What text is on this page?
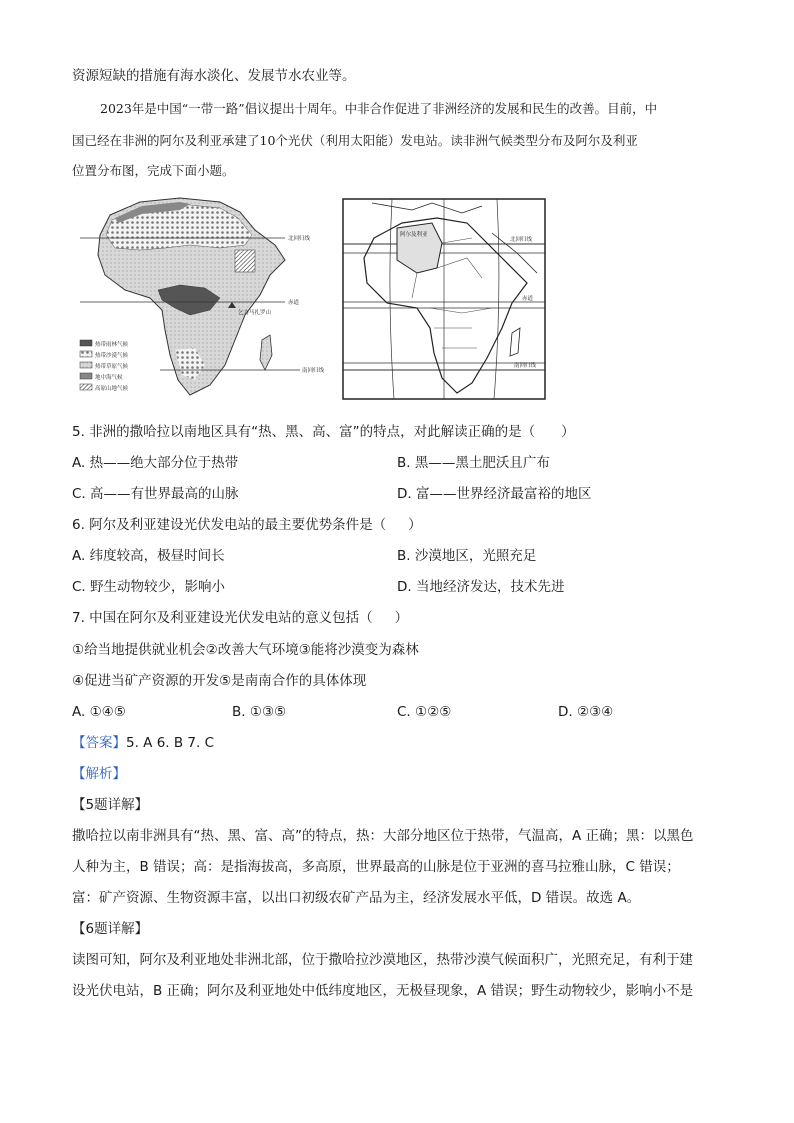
资源短缺的措施有海水淡化、发展节水农业等。
2023年是中国“一带一路”倡议提出十周年。中非合作促进了非洲经济的发展和民生的改善。目前，中
国已经在非洲的阿尔及利亚承建了10个光伏（利用太阳能）发电站。读非洲气候类型分布及阿尔及利亚
位置分布图，完成下面小题。
北回归线
赤道
乞力马扎罗山
南回归线
热带雨林气候
热带沙漠气候
热带草原气候
地中海气候
高原山地气候
阿尔及利亚
北回归线
赤道
南回归线
5. 非洲的撒哈拉以南地区具有“热、黑、高、富”的特点，对此解读正确的是（ ）
A. 热——绝大部分位于热带	B. 黑——黑土肥沃且广布
C. 高——有世界最高的山脉	D. 富——世界经济最富裕的地区
6. 阿尔及利亚建设光伏发电站的最主要优势条件是（ ）
A. 纬度较高，极昼时间长	B. 沙漠地区，光照充足
C. 野生动物较少，影响小	D. 当地经济发达，技术先进
7. 中国在阿尔及利亚建设光伏发电站的意义包括（ ）
①给当地提供就业机会②改善大气环境③能将沙漠变为森林
④促进当矿产资源的开发⑤是南南合作的具体体现
A. ①④⑤	B. ①③⑤	C. ①②⑤	D. ②③④
【答案】5. A 6. B 7. C
【解析】
【5题详解】
撒哈拉以南非洲具有“热、黑、富、高”的特点，热：大部分地区位于热带，气温高，A 正确；黑：以黑色
人种为主，B 错误；高：是指海拔高，多高原，世界最高的山脉是位于亚洲的喜马拉雅山脉，C 错误；
富：矿产资源、生物资源丰富，以出口初级农矿产品为主，经济发展水平低，D 错误。故选 A。
【6题详解】
读图可知，阿尔及利亚地处非洲北部，位于撒哈拉沙漠地区，热带沙漠气候面积广，光照充足，有利于建
设光伏电站，B 正确；阿尔及利亚地处中低纬度地区，无极昼现象，A 错误；野生动物较少，影响小不是
